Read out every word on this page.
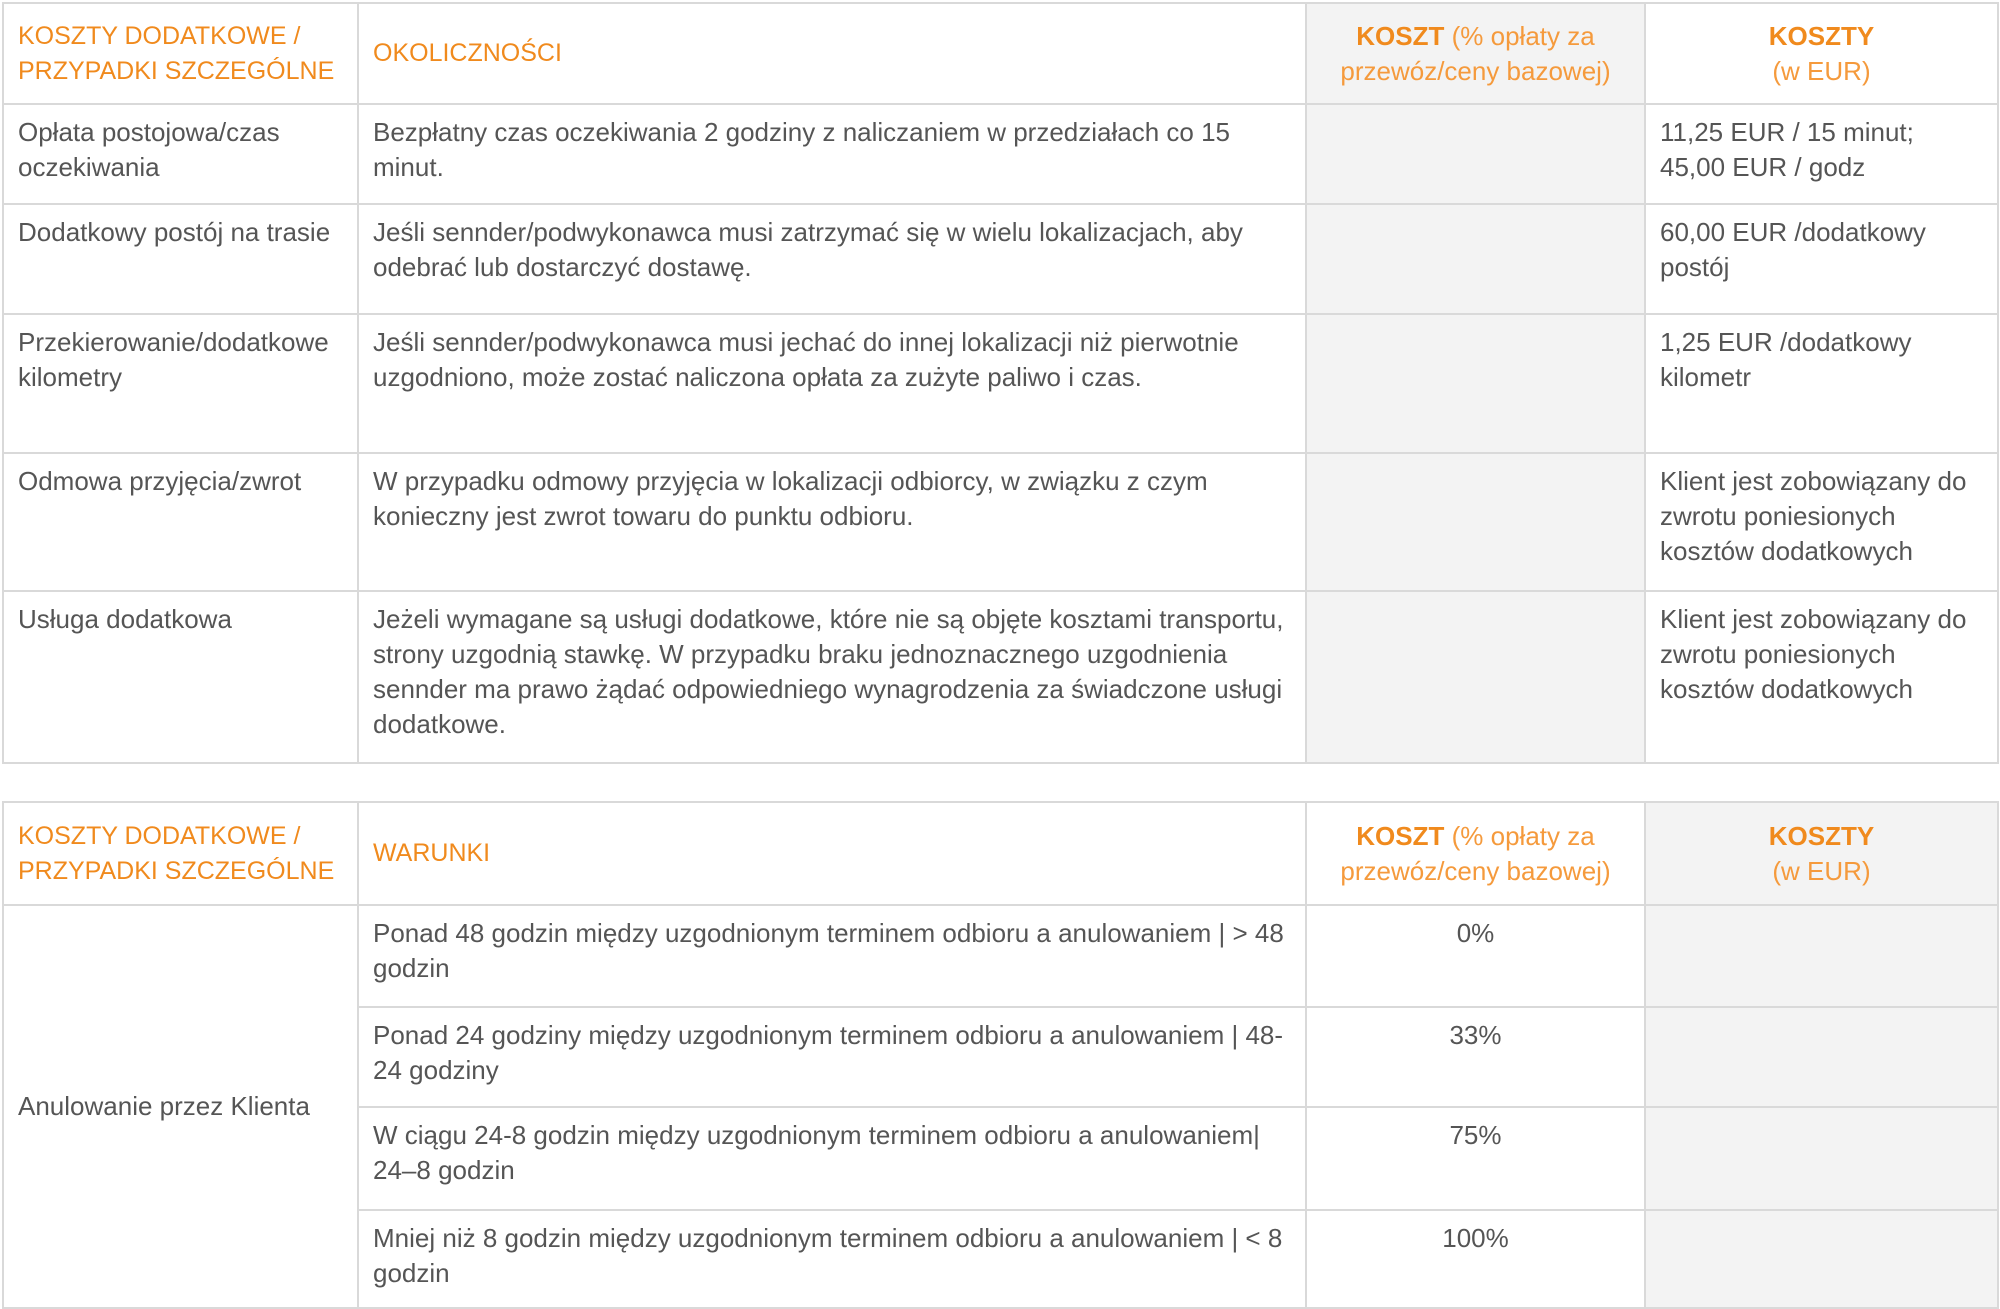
KOSZTY DODATKOWE / PRZYPADKI SZCZEGÓLNE	OKOLICZNOŚCI	KOSZT (% opłaty za przewóz/ceny bazowej)	KOSZTY
(w EUR)
Opłata postojowa/czas oczekiwania	Bezpłatny czas oczekiwania 2 godziny z naliczaniem w przedziałach co 15 minut.		11,25 EUR / 15 minut;
45,00 EUR / godz
Dodatkowy postój na trasie	Jeśli sennder/podwykonawca musi zatrzymać się w wielu lokalizacjach, aby odebrać lub dostarczyć dostawę.		60,00 EUR /dodatkowy postój
Przekierowanie/dodatkowe kilometry	Jeśli sennder/podwykonawca musi jechać do innej lokalizacji niż pierwotnie uzgodniono, może zostać naliczona opłata za zużyte paliwo i czas.		1,25 EUR /dodatkowy kilometr
Odmowa przyjęcia/zwrot	W przypadku odmowy przyjęcia w lokalizacji odbiorcy, w związku z czym konieczny jest zwrot towaru do punktu odbioru.		Klient jest zobowiązany do zwrotu poniesionych kosztów dodatkowych
Usługa dodatkowa	Jeżeli wymagane są usługi dodatkowe, które nie są objęte kosztami transportu, strony uzgodnią stawkę. W przypadku braku jednoznacznego uzgodnienia sennder ma prawo żądać odpowiedniego wynagrodzenia za świadczone usługi dodatkowe.		Klient jest zobowiązany do zwrotu poniesionych kosztów dodatkowych
KOSZTY DODATKOWE / PRZYPADKI SZCZEGÓLNE	WARUNKI	KOSZT (% opłaty za przewóz/ceny bazowej)	KOSZTY
(w EUR)
Anulowanie przez Klienta	Ponad 48 godzin między uzgodnionym terminem odbioru a anulowaniem | > 48 godzin	0%	
	Ponad 24 godziny między uzgodnionym terminem odbioru a anulowaniem | 48-24 godziny	33%	
	W ciągu 24-8 godzin między uzgodnionym terminem odbioru a anulowaniem| 24–8 godzin	75%	
	Mniej niż 8 godzin między uzgodnionym terminem odbioru a anulowaniem | < 8 godzin	100%	
